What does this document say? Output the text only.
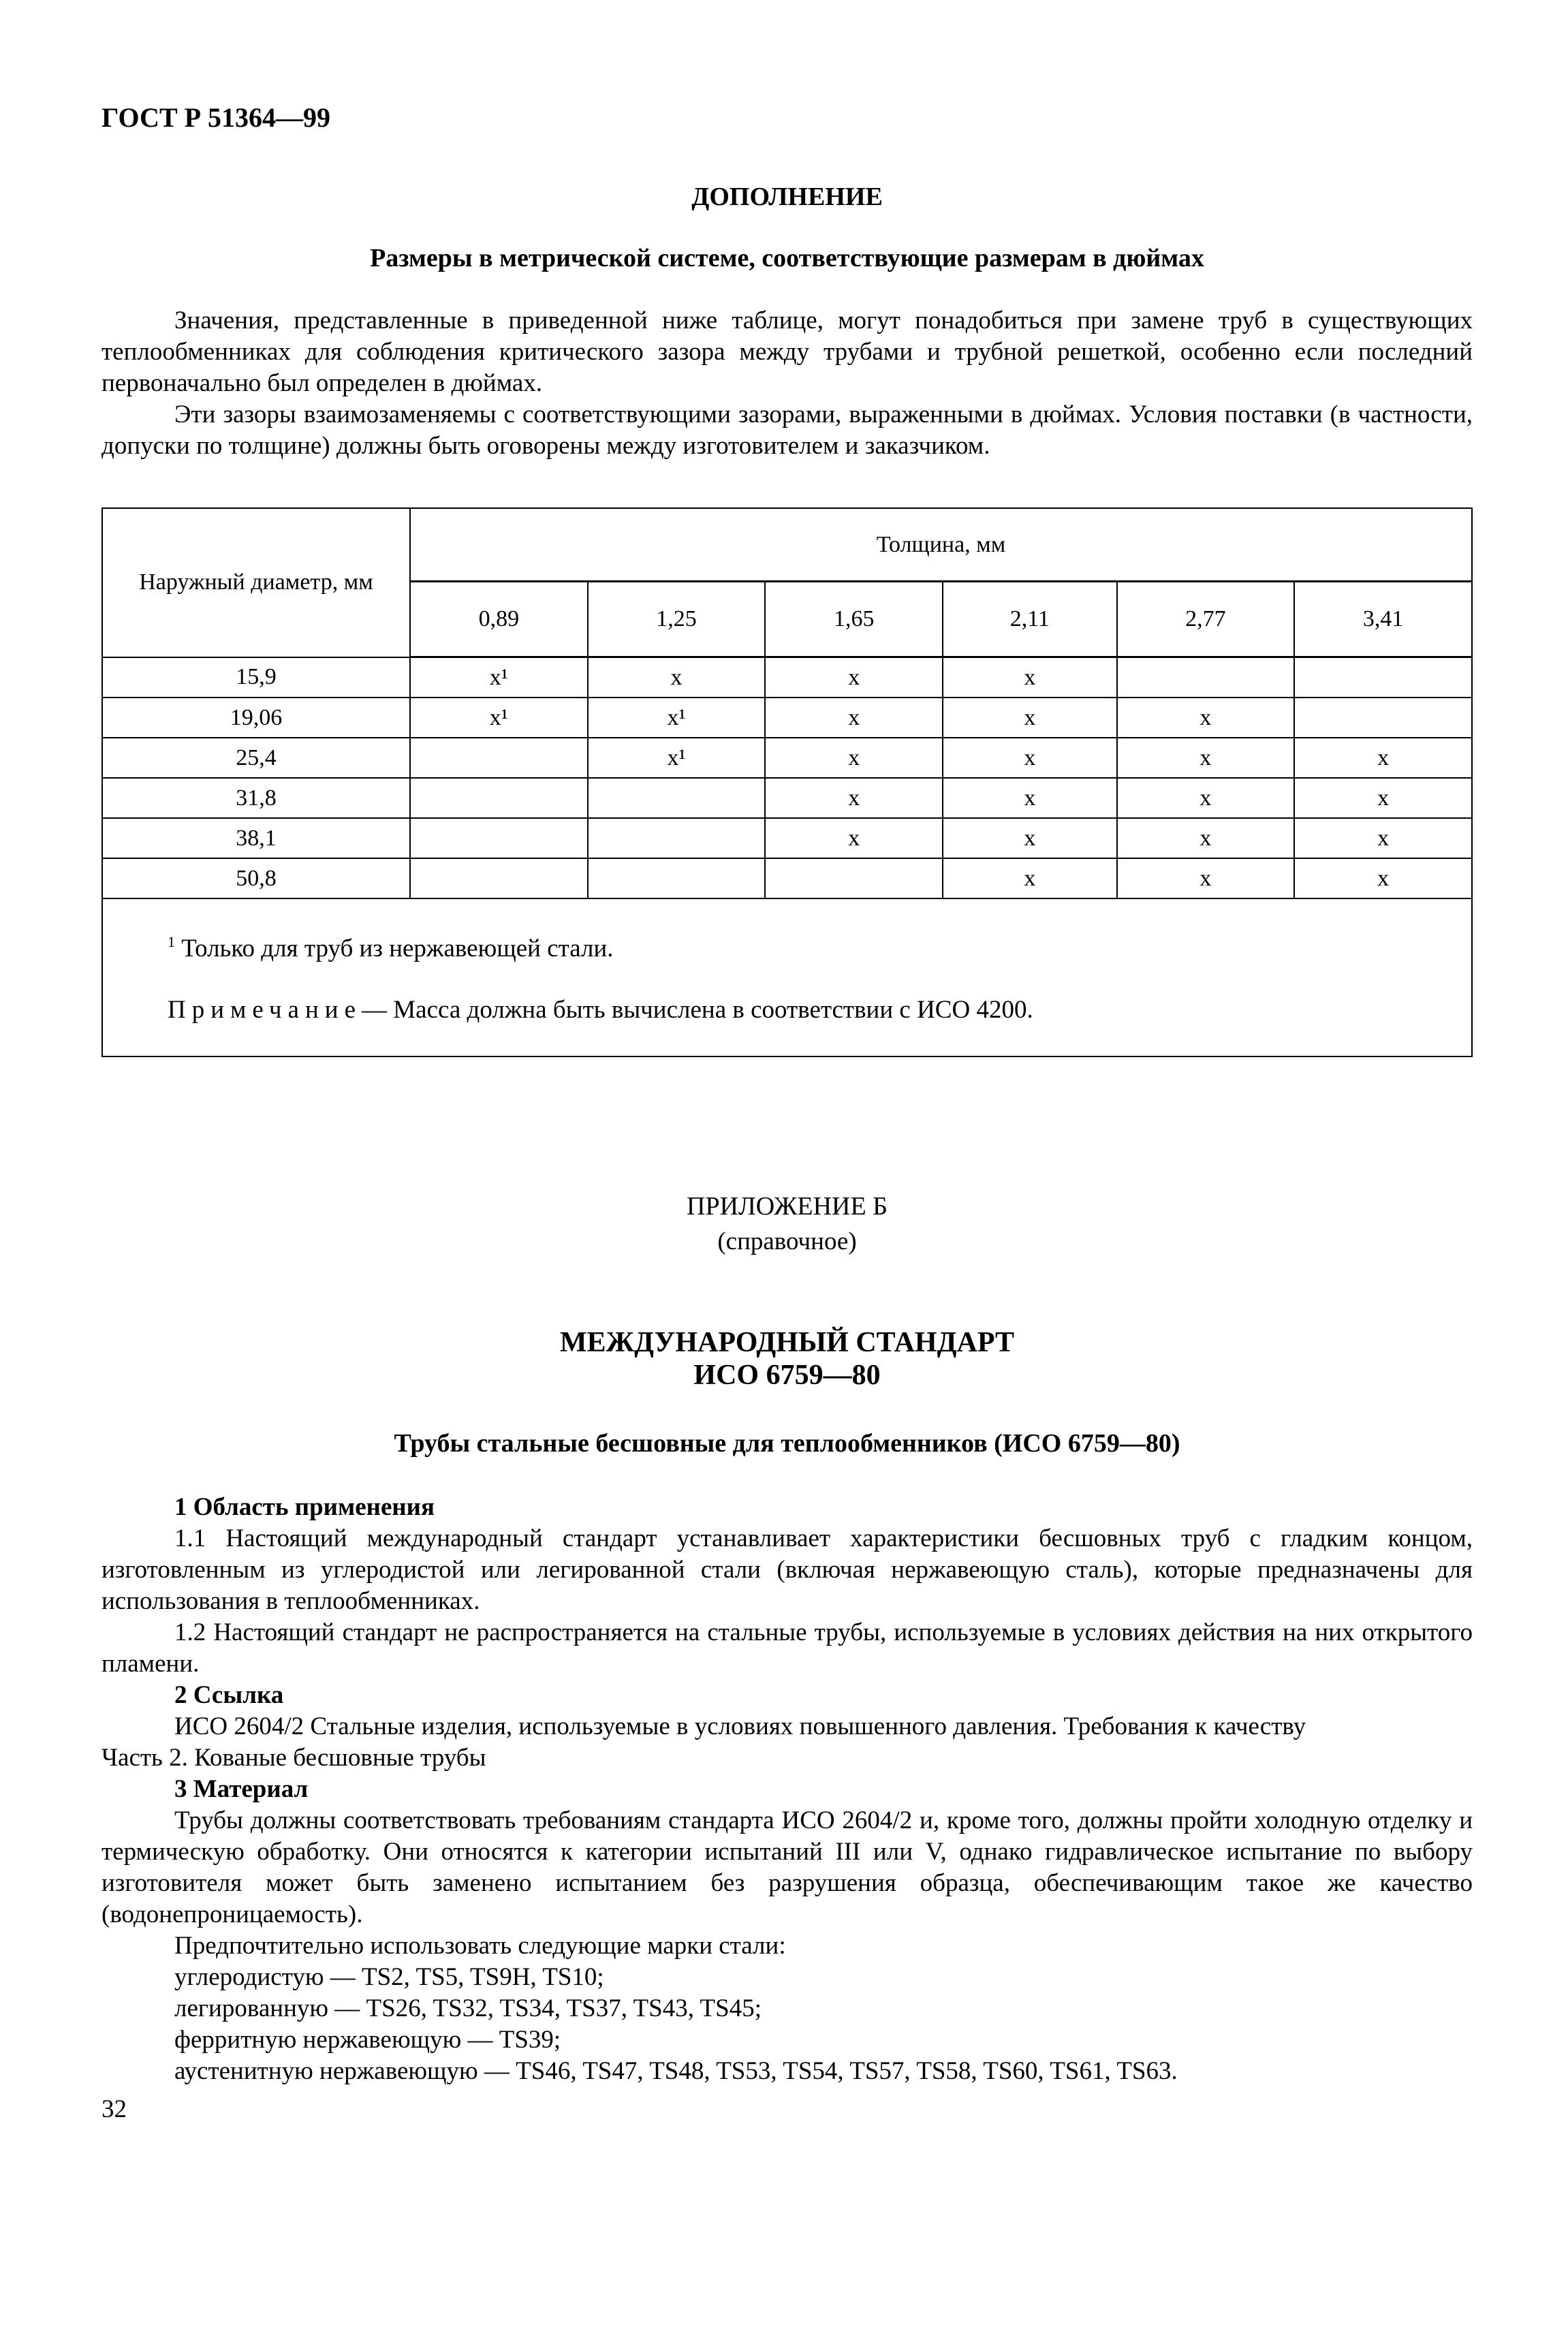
ГОСТ Р 51364—99
ДОПОЛНЕНИЕ
Размеры в метрической системе, соответствующие размерам в дюймах

Значения, представленные в приведенной ниже таблице, могут понадобиться при замене труб в существующих теплообменниках для соблюдения критического зазора между трубами и трубной решеткой, особенно если последний первоначально был определен в дюймах.

Эти зазоры взаимозаменяемы с соответствующими зазорами, выраженными в дюймах. Условия поставки (в частности, допуски по толщине) должны быть оговорены между изготовителем и заказчиком.

Наружный диаметр, мм	Толщина, мм					
	0,89	1,25	1,65	2,11	2,77	3,41
15,9	x¹	x	x	x		
19,06	x¹	x¹	x	x	x	
25,4		x¹	x	x	x	x
31,8			x	x	x	x
38,1			x	x	x	x
50,8				x	x	x
$^1$ Только для труб из нержавеющей стали.
Примечание— Масса должна быть вычислена в соответствии с ИСО 4200.
ПРИЛОЖЕНИЕ Б
(справочное)
МЕЖДУНАРОДНЫЙ СТАНДАРТ
ИСО 6759—80
Трубы стальные бесшовные для теплообменников (ИСО 6759—80)

1 Область применения

1.1 Настоящий международный стандарт устанавливает характеристики бесшовных труб с гладким концом, изготовленным из углеродистой или легированной стали (включая нержавеющую сталь), которые предназначены для использования в теплообменниках.

1.2 Настоящий стандарт не распространяется на стальные трубы, используемые в условиях действия на них открытого пламени.

2 Ссылка

ИСО 2604/2 Стальные изделия, используемые в условиях повышенного давления. Требования к качеству

Часть 2. Кованые бесшовные трубы

3 Материал

Трубы должны соответствовать требованиям стандарта ИСО 2604/2 и, кроме того, должны пройти холодную отделку и термическую обработку. Они относятся к категории испытаний III или V, однако гидравлическое испытание по выбору изготовителя может быть заменено испытанием без разрушения образца, обеспечивающим такое же качество (водонепроницаемость).

Предпочтительно использовать следующие марки стали:

углеродистую — TS2, TS5, TS9H, TS10;

легированную — TS26, TS32, TS34, TS37, TS43, TS45;

ферритную нержавеющую — TS39;

аустенитную нержавеющую — TS46, TS47, TS48, TS53, TS54, TS57, TS58, TS60, TS61, TS63.

32
